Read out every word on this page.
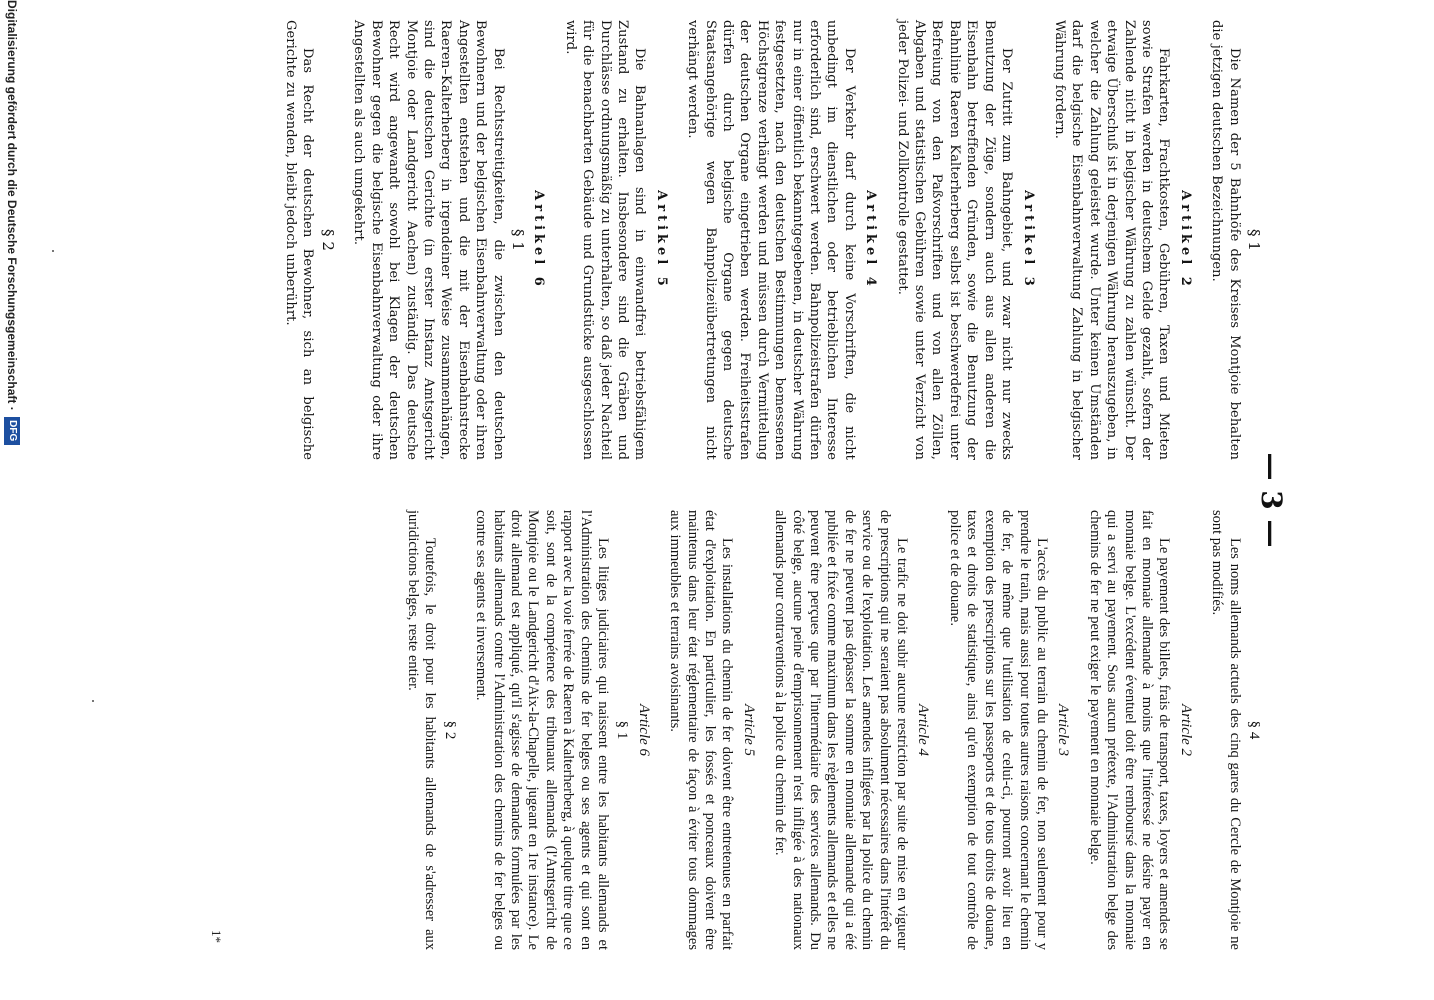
— 3 —
§ 1

Die Namen der 5 Bahnhöfe des Kreises Montjoie behalten die jetzigen deutschen Bezeichnungen.

Artikel 2

Fahrkarten, Frachtkosten, Gebühren, Taxen und Mieten sowie Strafen werden in deutschem Gelde gezahlt, sofern der Zahlende nicht in belgischer Währung zu zahlen wünscht. Der etwaige Überschuß ist in derjenigen Währung herauszugeben, in welcher die Zahlung geleistet wurde. Unter keinen Umständen darf die belgische Eisenbahnverwaltung Zahlung in belgischer Währung fordern.

Artikel 3

Der Zutritt zum Bahngebiet, und zwar nicht nur zwecks Benutzung der Züge, sondern auch aus allen anderen die Eisenbahn betreffenden Gründen, sowie die Benutzung der Bahnlinie Raeren Kalterherberg selbst ist beschwerdefrei unter Befreiung von den Paßvorschriften und von allen Zöllen, Abgaben und statistischen Gebühren sowie unter Verzicht von jeder Polizei- und Zollkontrolle gestattet.

Artikel 4

Der Verkehr darf durch keine Vorschriften, die nicht unbedingt im dienstlichen oder betrieblichen Interesse erforderlich sind, erschwert werden. Bahnpolizeistrafen dürfen nur in einer öffentlich bekanntgegebenen, in deutscher Währung festgesetzten, nach den deutschen Bestimmungen bemessenen Höchstgrenze verhängt werden und müssen durch Vermittelung der deutschen Organe eingetrieben werden. Freiheitsstrafen dürfen durch belgische Organe gegen deutsche Staatsangehörige wegen Bahnpolizeiübertretungen nicht verhängt werden.

Artikel 5

Die Bahnanlagen sind in einwandfrei betriebsfähigem Zustand zu erhalten. Insbesondere sind die Gräben und Durchlässe ordnungsmäßig zu unterhalten, so daß jeder Nachteil für die benachbarten Gebäude und Grundstücke ausgeschlossen wird.

Artikel 6
§ 1

Bei Rechtsstreitigkeiten, die zwischen den deutschen Bewohnern und der belgischen Eisenbahnverwaltung oder ihren Angestellten entstehen und die mit der Eisenbahnstrecke Raeren–Kalterherberg in irgendeiner Weise zusammenhängen, sind die deutschen Gerichte (in erster Instanz Amtsgericht Montjoie oder Landgericht Aachen) zuständig. Das deutsche Recht wird angewandt sowohl bei Klagen der deutschen Bewohner gegen die belgische Eisenbahnverwaltung oder ihre Angestellten als auch umgekehrt.

§ 2

Das Recht der deutschen Bewohner, sich an belgische Gerichte zu wenden, bleibt jedoch unberührt.

§ 4

Les noms allemands actuels des cinq gares du Cercle de Montjoie ne sont pas modifiés.

Article 2

Le payement des billets, frais de transport, taxes, loyers et amendes se fait en monnaie allemande à moins que l'intéressé ne désire payer en monnaie belge. L'excédent éventuel doit être remboursé dans la monnaie qui a servi au payement. Sous aucun prétexte, l'Administration belge des chemins de fer ne peut exiger le payement en monnaie belge.

Article 3

L'accès du public au terrain du chemin de fer, non seulement pour y prendre le train, mais aussi pour toutes autres raisons concernant le chemin de fer, de même que l'utilisation de celui-ci, pourront avoir lieu en exemption des prescriptions sur les passeports et de tous droits de douane, taxes et droits de statistique, ainsi qu'en exemption de tout contrôle de police et de douane.

Article 4

Le trafic ne doit subir aucune restriction par suite de mise en vigueur de prescriptions qui ne seraient pas absolument nécessaires dans l'intérêt du service ou de l'exploitation. Les amendes infligées par la police du chemin de fer ne peuvent pas dépasser la somme en monnaie allemande qui a été publiée et fixée comme maximum dans les règlements allemands et elles ne peuvent être perçues que par l'intermédiaire des services allemands. Du côté belge, aucune peine d'emprisonnement n'est infligée à des nationaux allemands pour contraventions à la police du chemin de fer.

Article 5

Les installations du chemin de fer doivent être entretenues en parfait état d'exploitation. En particulier, les fossés et ponceaux doivent être maintenus dans leur état réglementaire de façon à éviter tous dommages aux immeubles et terrains avoisinants.

Article 6
§ 1

Les litiges judiciaires qui naissent entre les habitants allemands et l'Administration des chemins de fer belges ou ses agents et qui sont en rapport avec la voie ferrée de Raeren à Kalterherberg, à quelque titre que ce soit, sont de la compétence des tribunaux allemands (l'Amtsgericht de Montjoie ou le Landgericht d'Aix-la-Chapelle, jugeant en 1re instance). Le droit allemand est appliqué, qu'il s'agisse de demandes formulées par les habitants allemands contre l'Administration des chemins de fer belges ou contre ses agents et inversement.

§ 2

Toutefois, le droit pour les habitants allemands de s'adresser aux juridictions belges, reste entier.

1*
Digitalisierung gefördert durch die Deutsche Forschungsgemeinschaft ·
DFG
